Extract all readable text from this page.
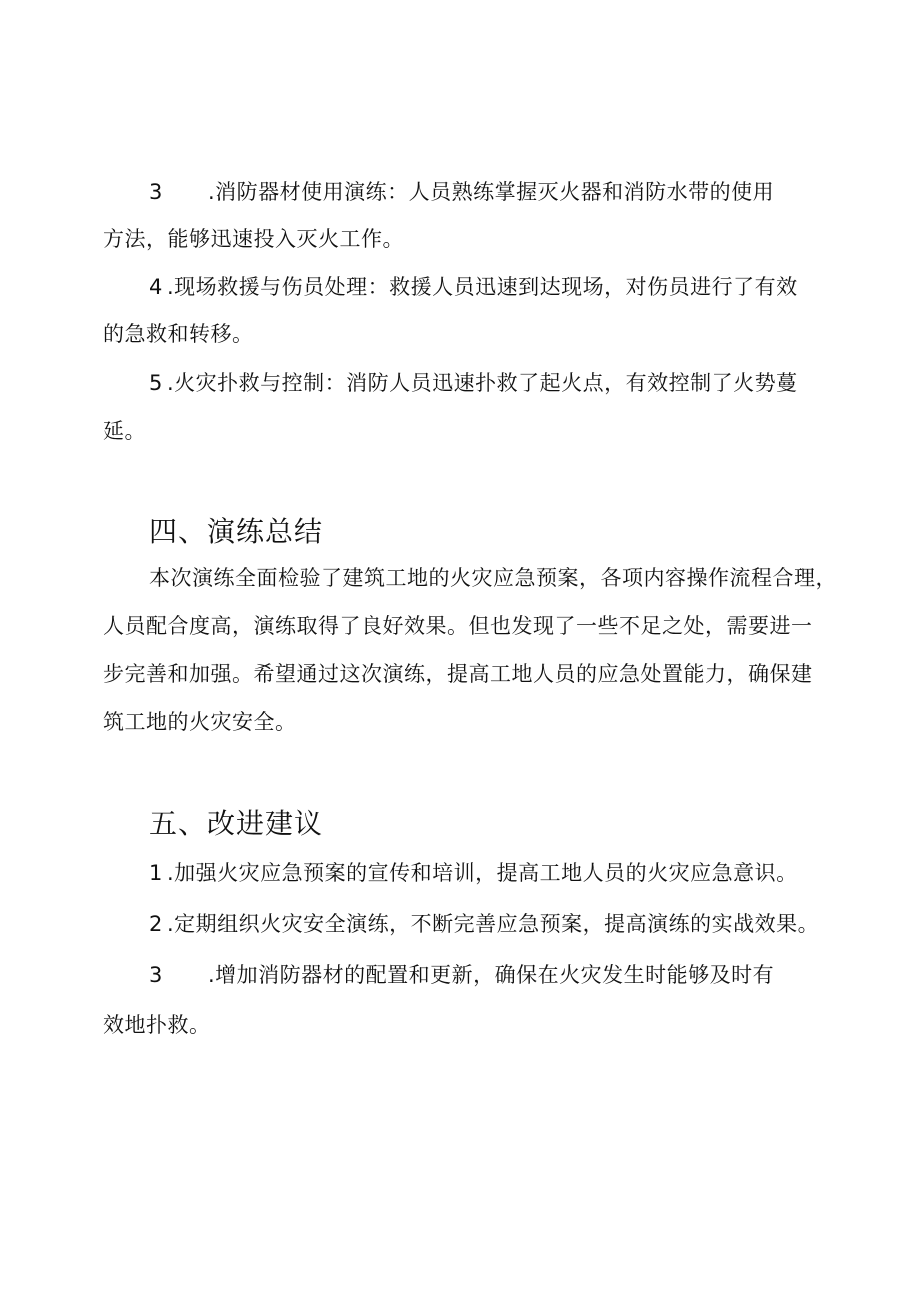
3 .消防器材使用演练：人员熟练掌握灭火器和消防水带的使用
方法，能够迅速投入灭火工作。
4 .现场救援与伤员处理：救援人员迅速到达现场，对伤员进行了有效
的急救和转移。
5 .火灾扑救与控制：消防人员迅速扑救了起火点，有效控制了火势蔓
延。
四、演练总结
本次演练全面检验了建筑工地的火灾应急预案，各项内容操作流程合理，
人员配合度高，演练取得了良好效果。但也发现了一些不足之处，需要进一
步完善和加强。希望通过这次演练，提高工地人员的应急处置能力，确保建
筑工地的火灾安全。
五、改进建议
1 .加强火灾应急预案的宣传和培训，提高工地人员的火灾应急意识。
2 .定期组织火灾安全演练，不断完善应急预案，提高演练的实战效果。
3 .增加消防器材的配置和更新，确保在火灾发生时能够及时有
效地扑救。
